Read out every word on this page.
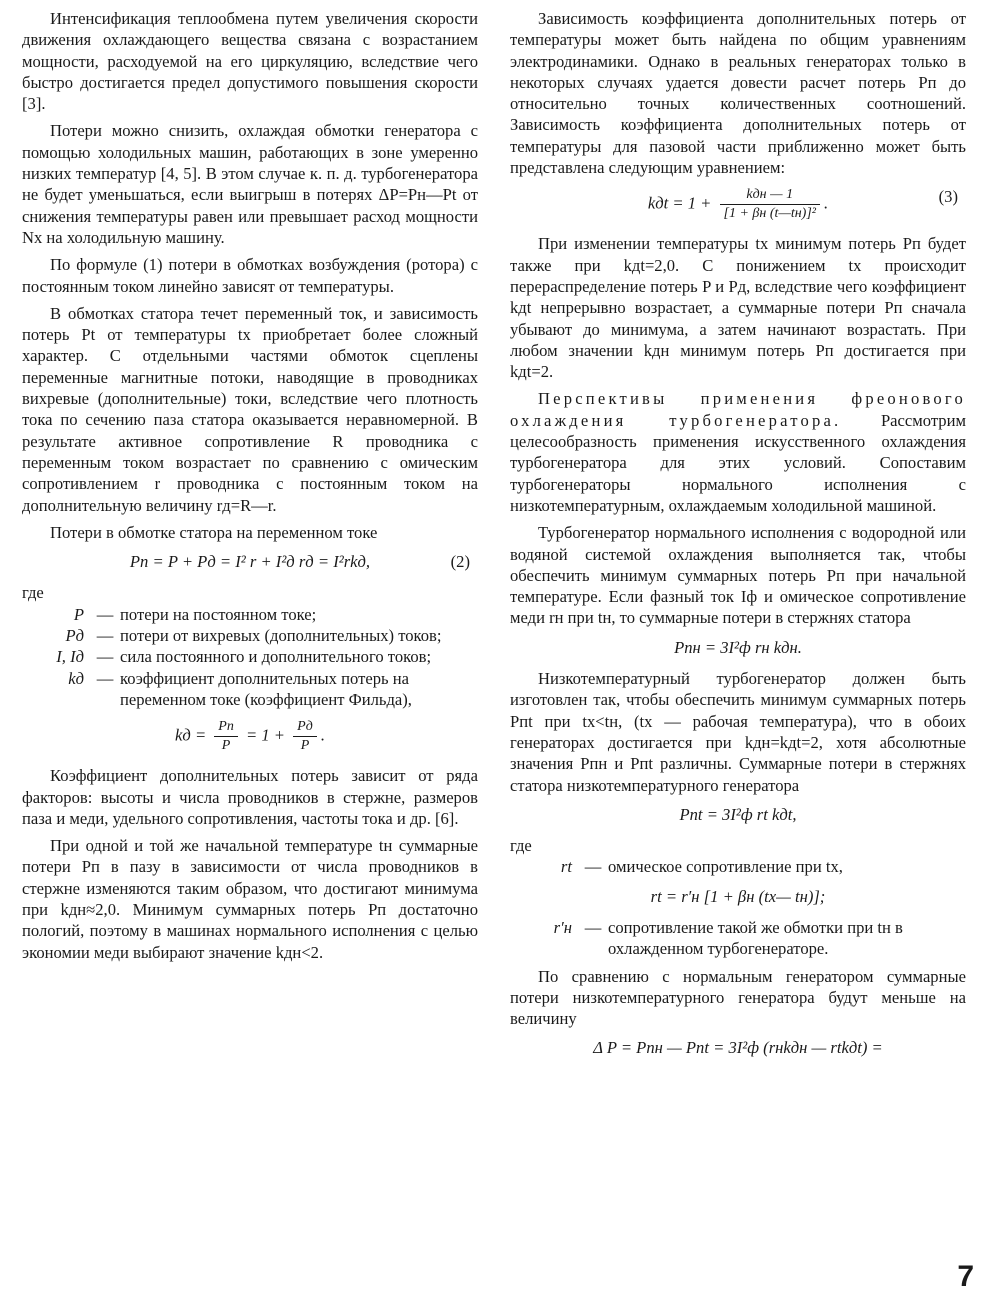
Интенсификация теплообмена путем увеличения скорости движения охлаждающего вещества связана с возрастанием мощности, расходуемой на его циркуляцию, вследствие чего быстро достигается предел допустимого повышения скорости [3].

Потери можно снизить, охлаждая обмотки генератора с помощью холодильных машин, работающих в зоне умеренно низких температур [4, 5]. В этом случае к. п. д. турбогенератора не будет уменьшаться, если выигрыш в потерях ΔP=Pн—Pt от снижения температуры равен или превышает расход мощности Nх на холодильную машину.

По формуле (1) потери в обмотках возбуждения (ротора) с постоянным током линейно зависят от температуры.

В обмотках статора течет переменный ток, и зависимость потерь Pt от температуры tх приобретает более сложный характер. С отдельными частями обмоток сцеплены переменные магнитные потоки, наводящие в проводниках вихревые (дополнительные) токи, вследствие чего плотность тока по сечению паза статора оказывается неравномерной. В результате активное сопротивление R проводника с переменным током возрастает по сравнению с омическим сопротивлением r проводника с постоянным током на дополнительную величину rд=R—r.

Потери в обмотке статора на переменном токе

Pп = P + Pд = I² r + I²д rд = I²rkд,	(2)
где
P — потери на постоянном токе;
Pд — потери от вихревых (дополнительных) токов;
I, Iд — сила постоянного и дополнительного токов;
kд — коэффициент дополнительных потерь на переменном токе (коэффициент Фильда),
kд = $\frac{Pп}{P} = 1 + \frac{Pд}{P}$ .

Коэффициент дополнительных потерь зависит от ряда факторов: высоты и числа проводников в стержне, размеров паза и меди, удельного сопротивления, частоты тока и др. [6].

При одной и той же начальной температуре tн суммарные потери Pп в пазу в зависимости от числа проводников в стержне изменяются таким образом, что достигают минимума при kдн≈2,0. Минимум суммарных потерь Pп достаточно пологий, поэтому в машинах нормального исполнения с целью экономии меди выбирают значение kдн<2.

Зависимость коэффициента дополнительных потерь от температуры может быть найдена по общим уравнениям электродинамики. Однако в реальных генераторах только в некоторых случаях удается довести расчет потерь Pп до относительно точных количественных соотношений. Зависимость коэффициента дополнительных потерь от температуры для пазовой части приближенно может быть представлена следующим уравнением:

kдt = $1 + \frac{\text{kдн — 1}}{\text{[1 + βн (t—tн)]²}}$ .	(3)

При изменении температуры tх минимум потерь Pп будет также при kдt=2,0. С понижением tх происходит перераспределение потерь P и Pд, вследствие чего коэффициент kдt непрерывно возрастает, а суммарные потери Pп сначала убывают до минимума, а затем начинают возрастать. При любом значении kдн минимум потерь Pп достигается при kдt=2.

Перспективы применения фреонового охлаждения турбогенератора. Рассмотрим целесообразность применения искусственного охлаждения турбогенератора для этих условий. Сопоставим турбогенераторы нормального исполнения с низкотемпературным, охлаждаемым холодильной машиной.

Турбогенератор нормального исполнения с водородной или водяной системой охлаждения выполняется так, чтобы обеспечить минимум суммарных потерь Pп при начальной температуре. Если фазный ток Iф и омическое сопротивление меди rн при tн, то суммарные потери в стержнях статора

Pпн = 3I²ф rн kдн.

Низкотемпературный турбогенератор должен быть изготовлен так, чтобы обеспечить минимум суммарных потерь Pпt при tх<tн, (tх — рабочая температура), что в обоих генераторах достигается при kдн=kдt=2, хотя абсолютные значения Pпн и Pпt различны. Суммарные потери в стержнях статора низкотемпературного генератора

Pпt = 3I²ф rt kдt,
где
rt — омическое сопротивление при tх,
rt = r′н [1 + βн (tх— tн)];
r′н — сопротивление такой же обмотки при tн в охлажденном турбогенераторе.

По сравнению с нормальным генератором суммарные потери низкотемпературного генератора будут меньше на величину

Δ P = Pпн — Pпt = 3I²ф (rнkдн — rtkдt) =
7
